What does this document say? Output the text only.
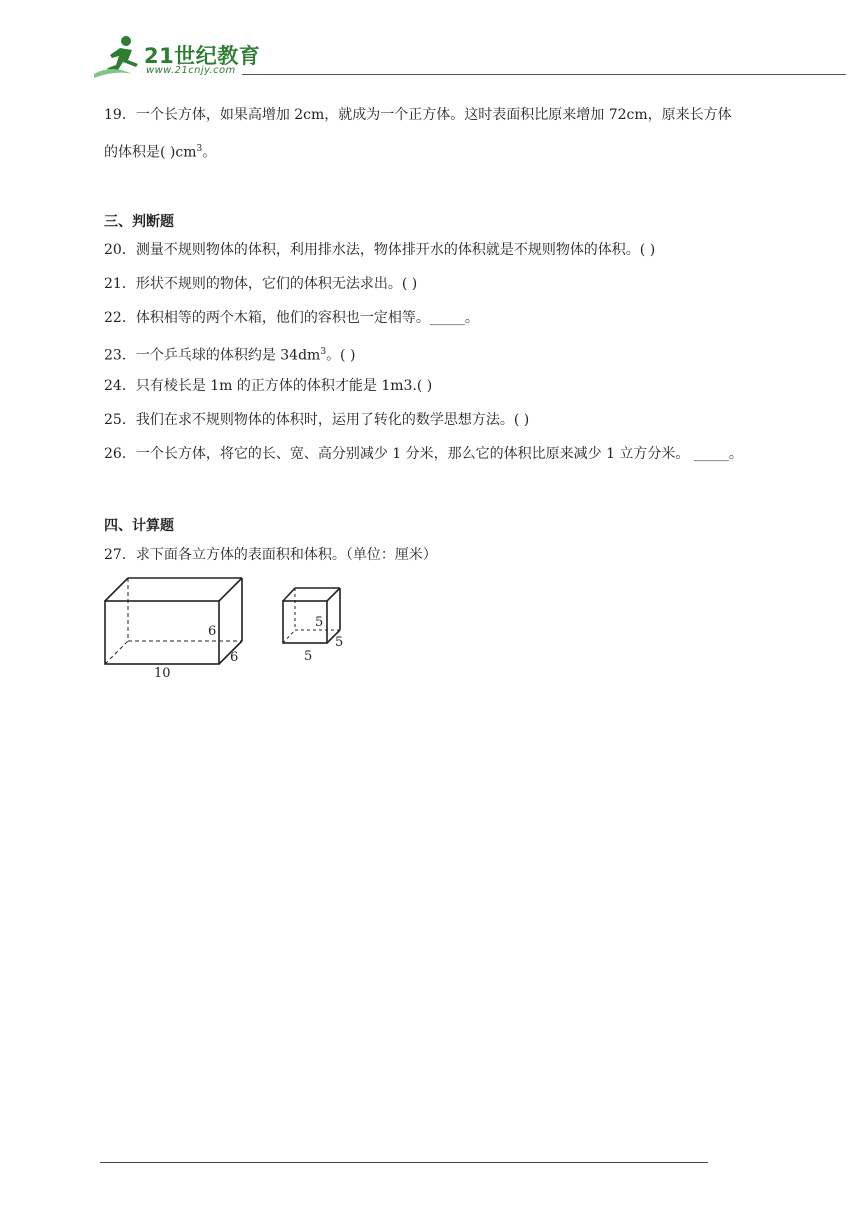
21世纪教育
www.21cnjy.com
19．一个长方体，如果高增加 2cm，就成为一个正方体。这时表面积比原来增加 72cm，原来长方体
的体积是( )$cm^3$。
三、判断题
20．测量不规则物体的体积，利用排水法，物体排开水的体积就是不规则物体的体积。( )
21．形状不规则的物体，它们的体积无法求出。( )
22．体积相等的两个木箱，他们的容积也一定相等。_____。
23．一个乒乓球的体积约是 $34dm^3$。( )
24．只有棱长是 1m 的正方体的体积才能是 1m3.( )
25．我们在求不规则物体的体积时，运用了转化的数学思想方法。( )
26．一个长方体，将它的长、宽、高分别减少 1 分米，那么它的体积比原来减少 1 立方分米。 _____。
四、计算题
27．求下面各立方体的表面积和体积。（单位：厘米）
6
6
10
5
5
5
